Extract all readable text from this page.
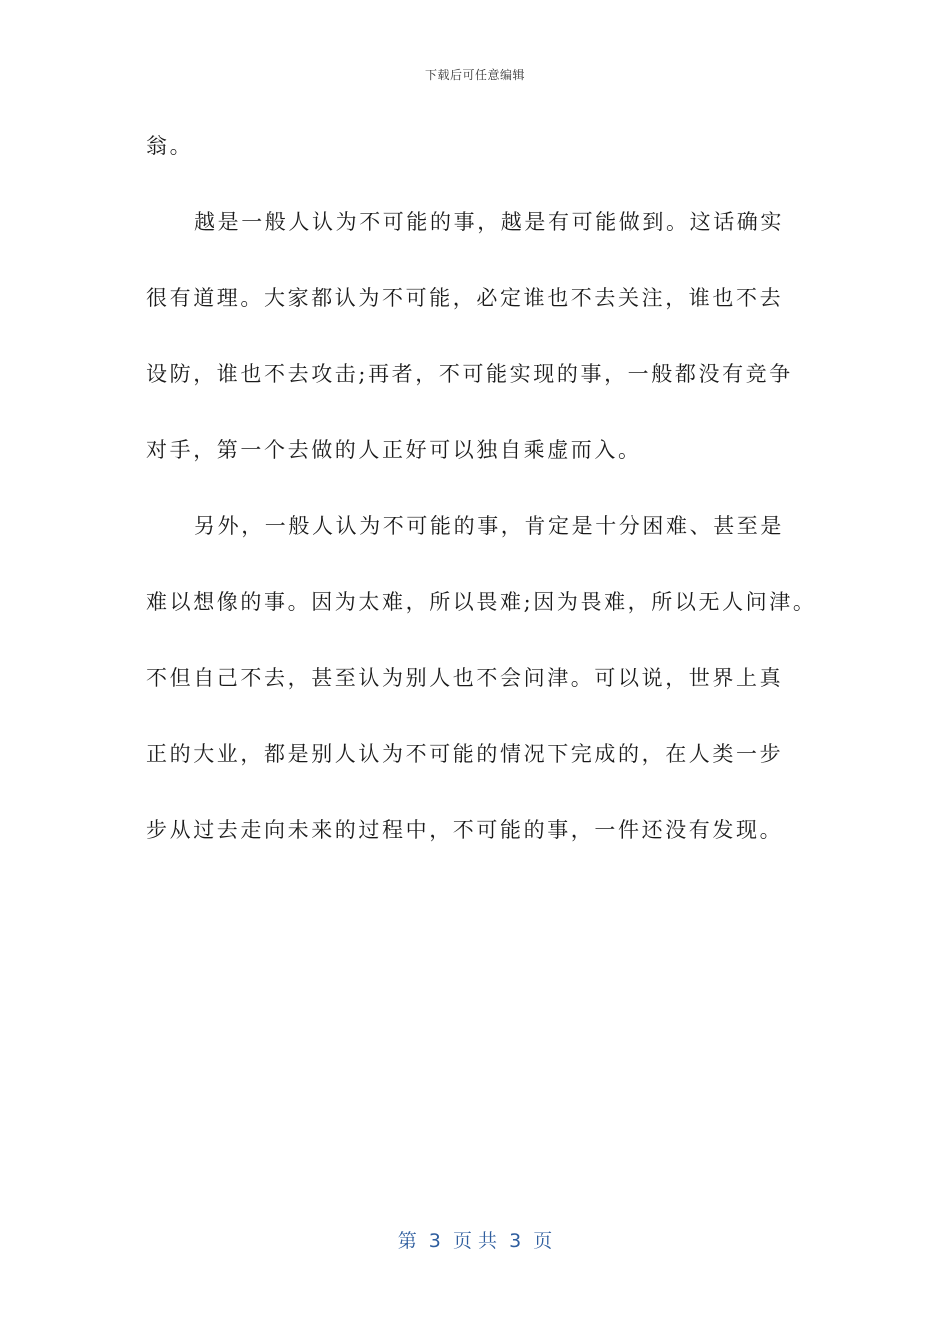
下载后可任意编辑
翁。
越是一般人认为不可能的事，越是有可能做到。这话确实
很有道理。大家都认为不可能，必定谁也不去关注，谁也不去
设防，谁也不去攻击;再者，不可能实现的事，一般都没有竞争
对手，第一个去做的人正好可以独自乘虚而入。
另外，一般人认为不可能的事，肯定是十分困难、甚至是
难以想像的事。因为太难，所以畏难;因为畏难，所以无人问津。
不但自己不去，甚至认为别人也不会问津。可以说，世界上真
正的大业，都是别人认为不可能的情况下完成的，在人类一步
步从过去走向未来的过程中，不可能的事，一件还没有发现。
第  3  页 共  3  页
